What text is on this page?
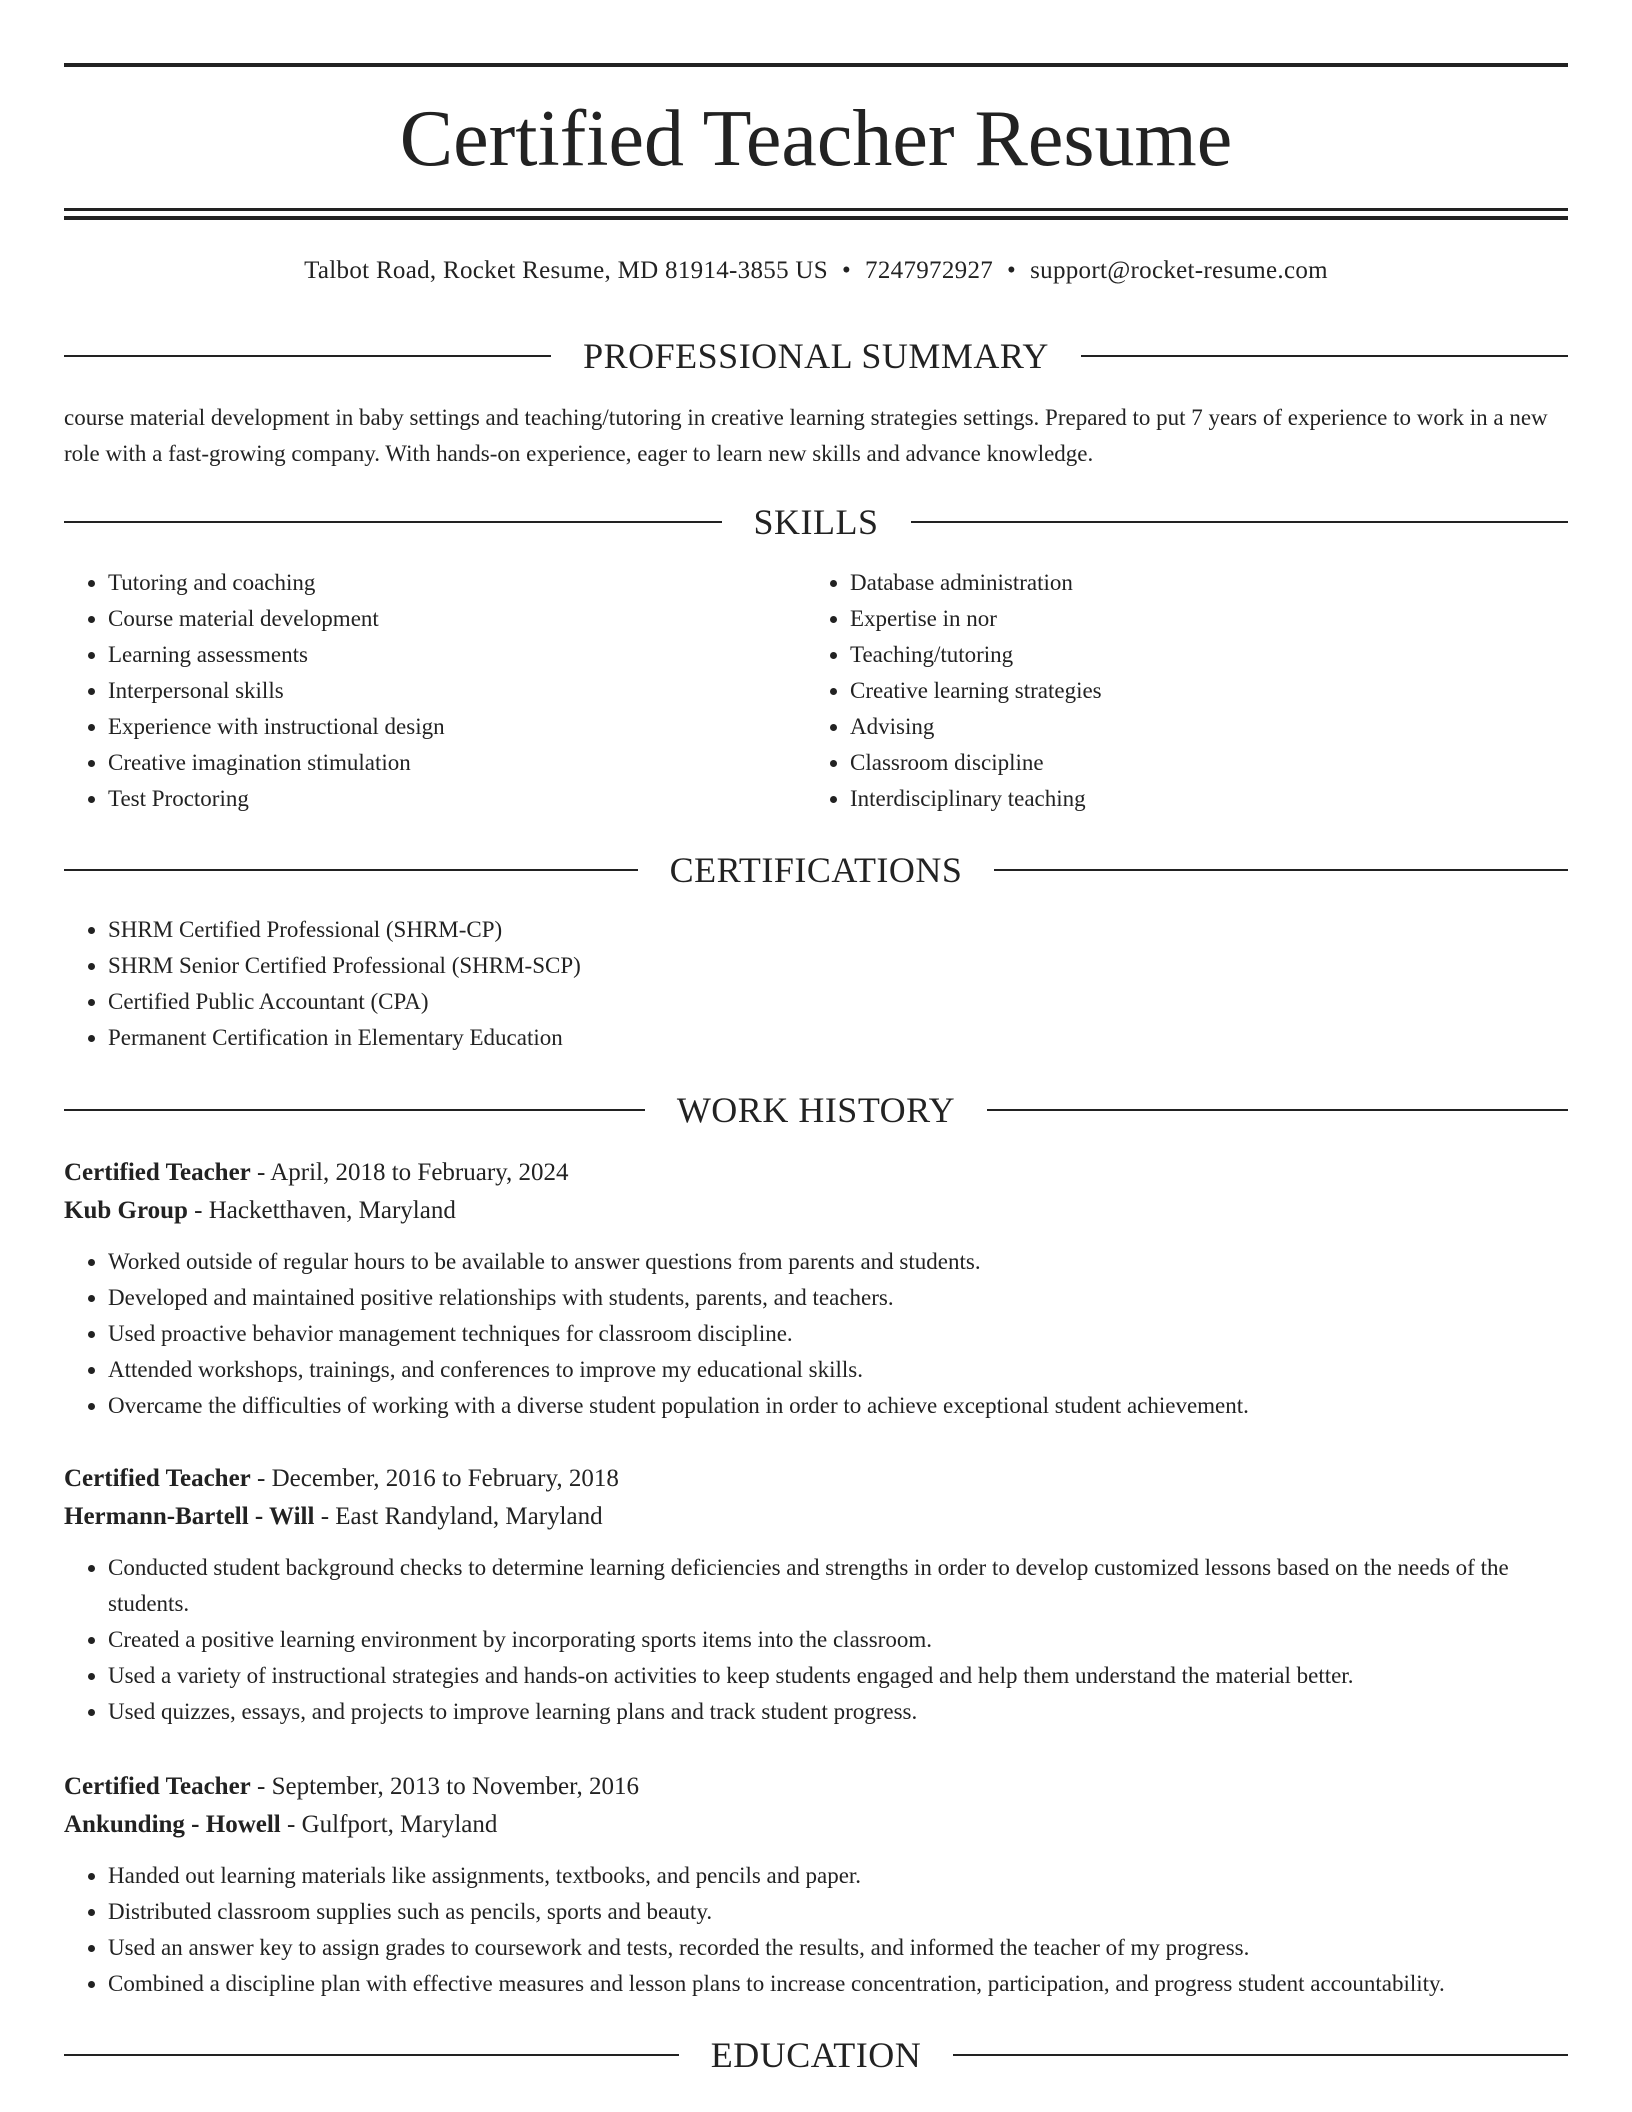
Certified Teacher Resume
Talbot Road, Rocket Resume, MD 81914-3855 US • 7247972927 • support@rocket-resume.com
PROFESSIONAL SUMMARY

course material development in baby settings and teaching/tutoring in creative learning strategies settings. Prepared to put 7 years of experience to work in a new role with a fast-growing company. With hands-on experience, eager to learn new skills and advance knowledge.

SKILLS
• Tutoring and coaching
• Course material development
• Learning assessments
• Interpersonal skills
• Experience with instructional design
• Creative imagination stimulation
• Test Proctoring
• Database administration
• Expertise in nor
• Teaching/tutoring
• Creative learning strategies
• Advising
• Classroom discipline
• Interdisciplinary teaching
CERTIFICATIONS
• SHRM Certified Professional (SHRM-CP)
• SHRM Senior Certified Professional (SHRM-SCP)
• Certified Public Accountant (CPA)
• Permanent Certification in Elementary Education
WORK HISTORY
Certified Teacher - April, 2018 to February, 2024
Kub Group - Hacketthaven, Maryland
• Worked outside of regular hours to be available to answer questions from parents and students.
• Developed and maintained positive relationships with students, parents, and teachers.
• Used proactive behavior management techniques for classroom discipline.
• Attended workshops, trainings, and conferences to improve my educational skills.
• Overcame the difficulties of working with a diverse student population in order to achieve exceptional student achievement.
Certified Teacher - December, 2016 to February, 2018
Hermann-Bartell - Will - East Randyland, Maryland
• Conducted student background checks to determine learning deficiencies and strengths in order to develop customized lessons based on the needs of the students.
• Created a positive learning environment by incorporating sports items into the classroom.
• Used a variety of instructional strategies and hands-on activities to keep students engaged and help them understand the material better.
• Used quizzes, essays, and projects to improve learning plans and track student progress.
Certified Teacher - September, 2013 to November, 2016
Ankunding - Howell - Gulfport, Maryland
• Handed out learning materials like assignments, textbooks, and pencils and paper.
• Distributed classroom supplies such as pencils, sports and beauty.
• Used an answer key to assign grades to coursework and tests, recorded the results, and informed the teacher of my progress.
• Combined a discipline plan with effective measures and lesson plans to increase concentration, participation, and progress student accountability.
EDUCATION
